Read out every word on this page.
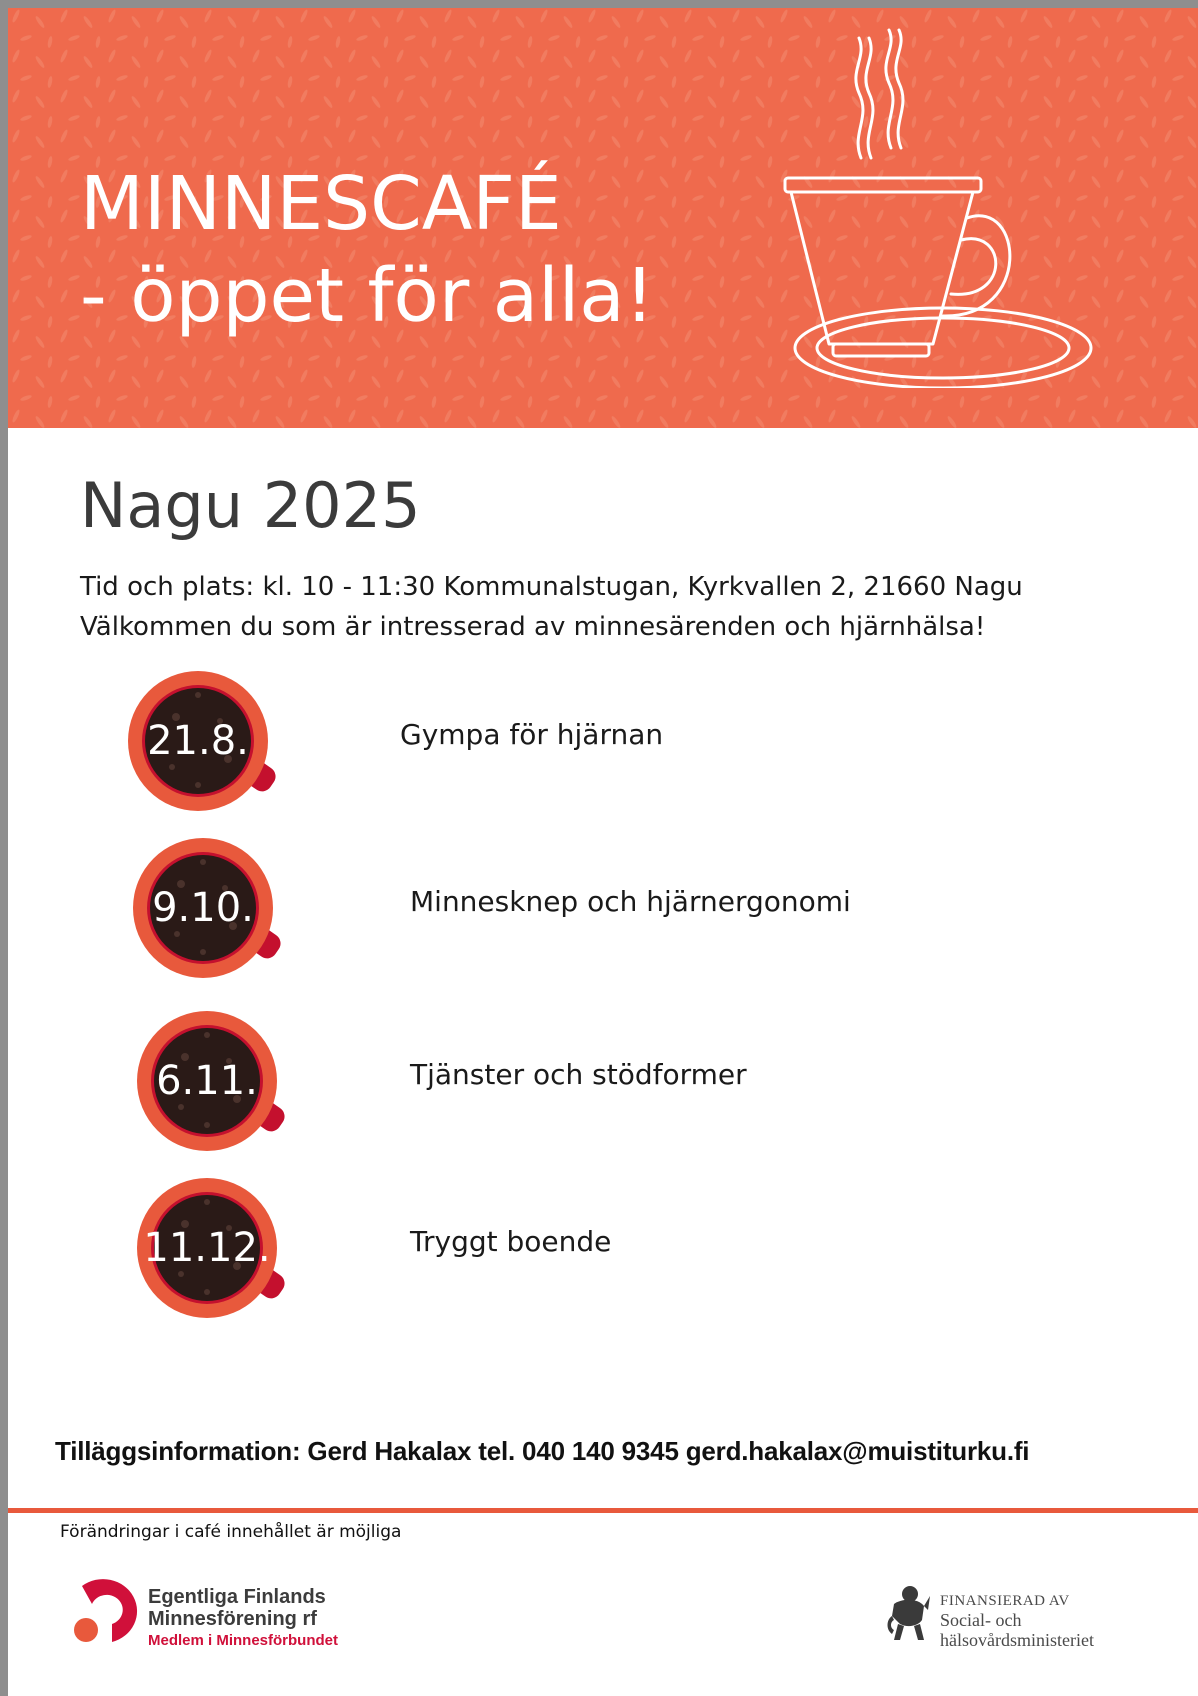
MINNESCAFÉ
- öppet för alla!
Nagu 2025

Tid och plats: kl. 10 - 11:30 Kommunalstugan, Kyrkvallen 2, 21660 Nagu

Välkommen du som är intresserad av minnesärenden och hjärnhälsa!

21.8.	Gympa för hjärnan
9.10.	Minnesknep och hjärnergonomi
6.11.	Tjänster och stödformer
11.12.	Tryggt boende

Tilläggsinformation: Gerd Hakalax tel. 040 140 9345 gerd.hakalax@muistiturku.fi

Förändringar i café innehållet är möjliga

Egentliga Finlands
Minnesförening rf

Medlem i Minnesförbundet

FINANSIERAD AV

Social- och

hälsovårdsministeriet
